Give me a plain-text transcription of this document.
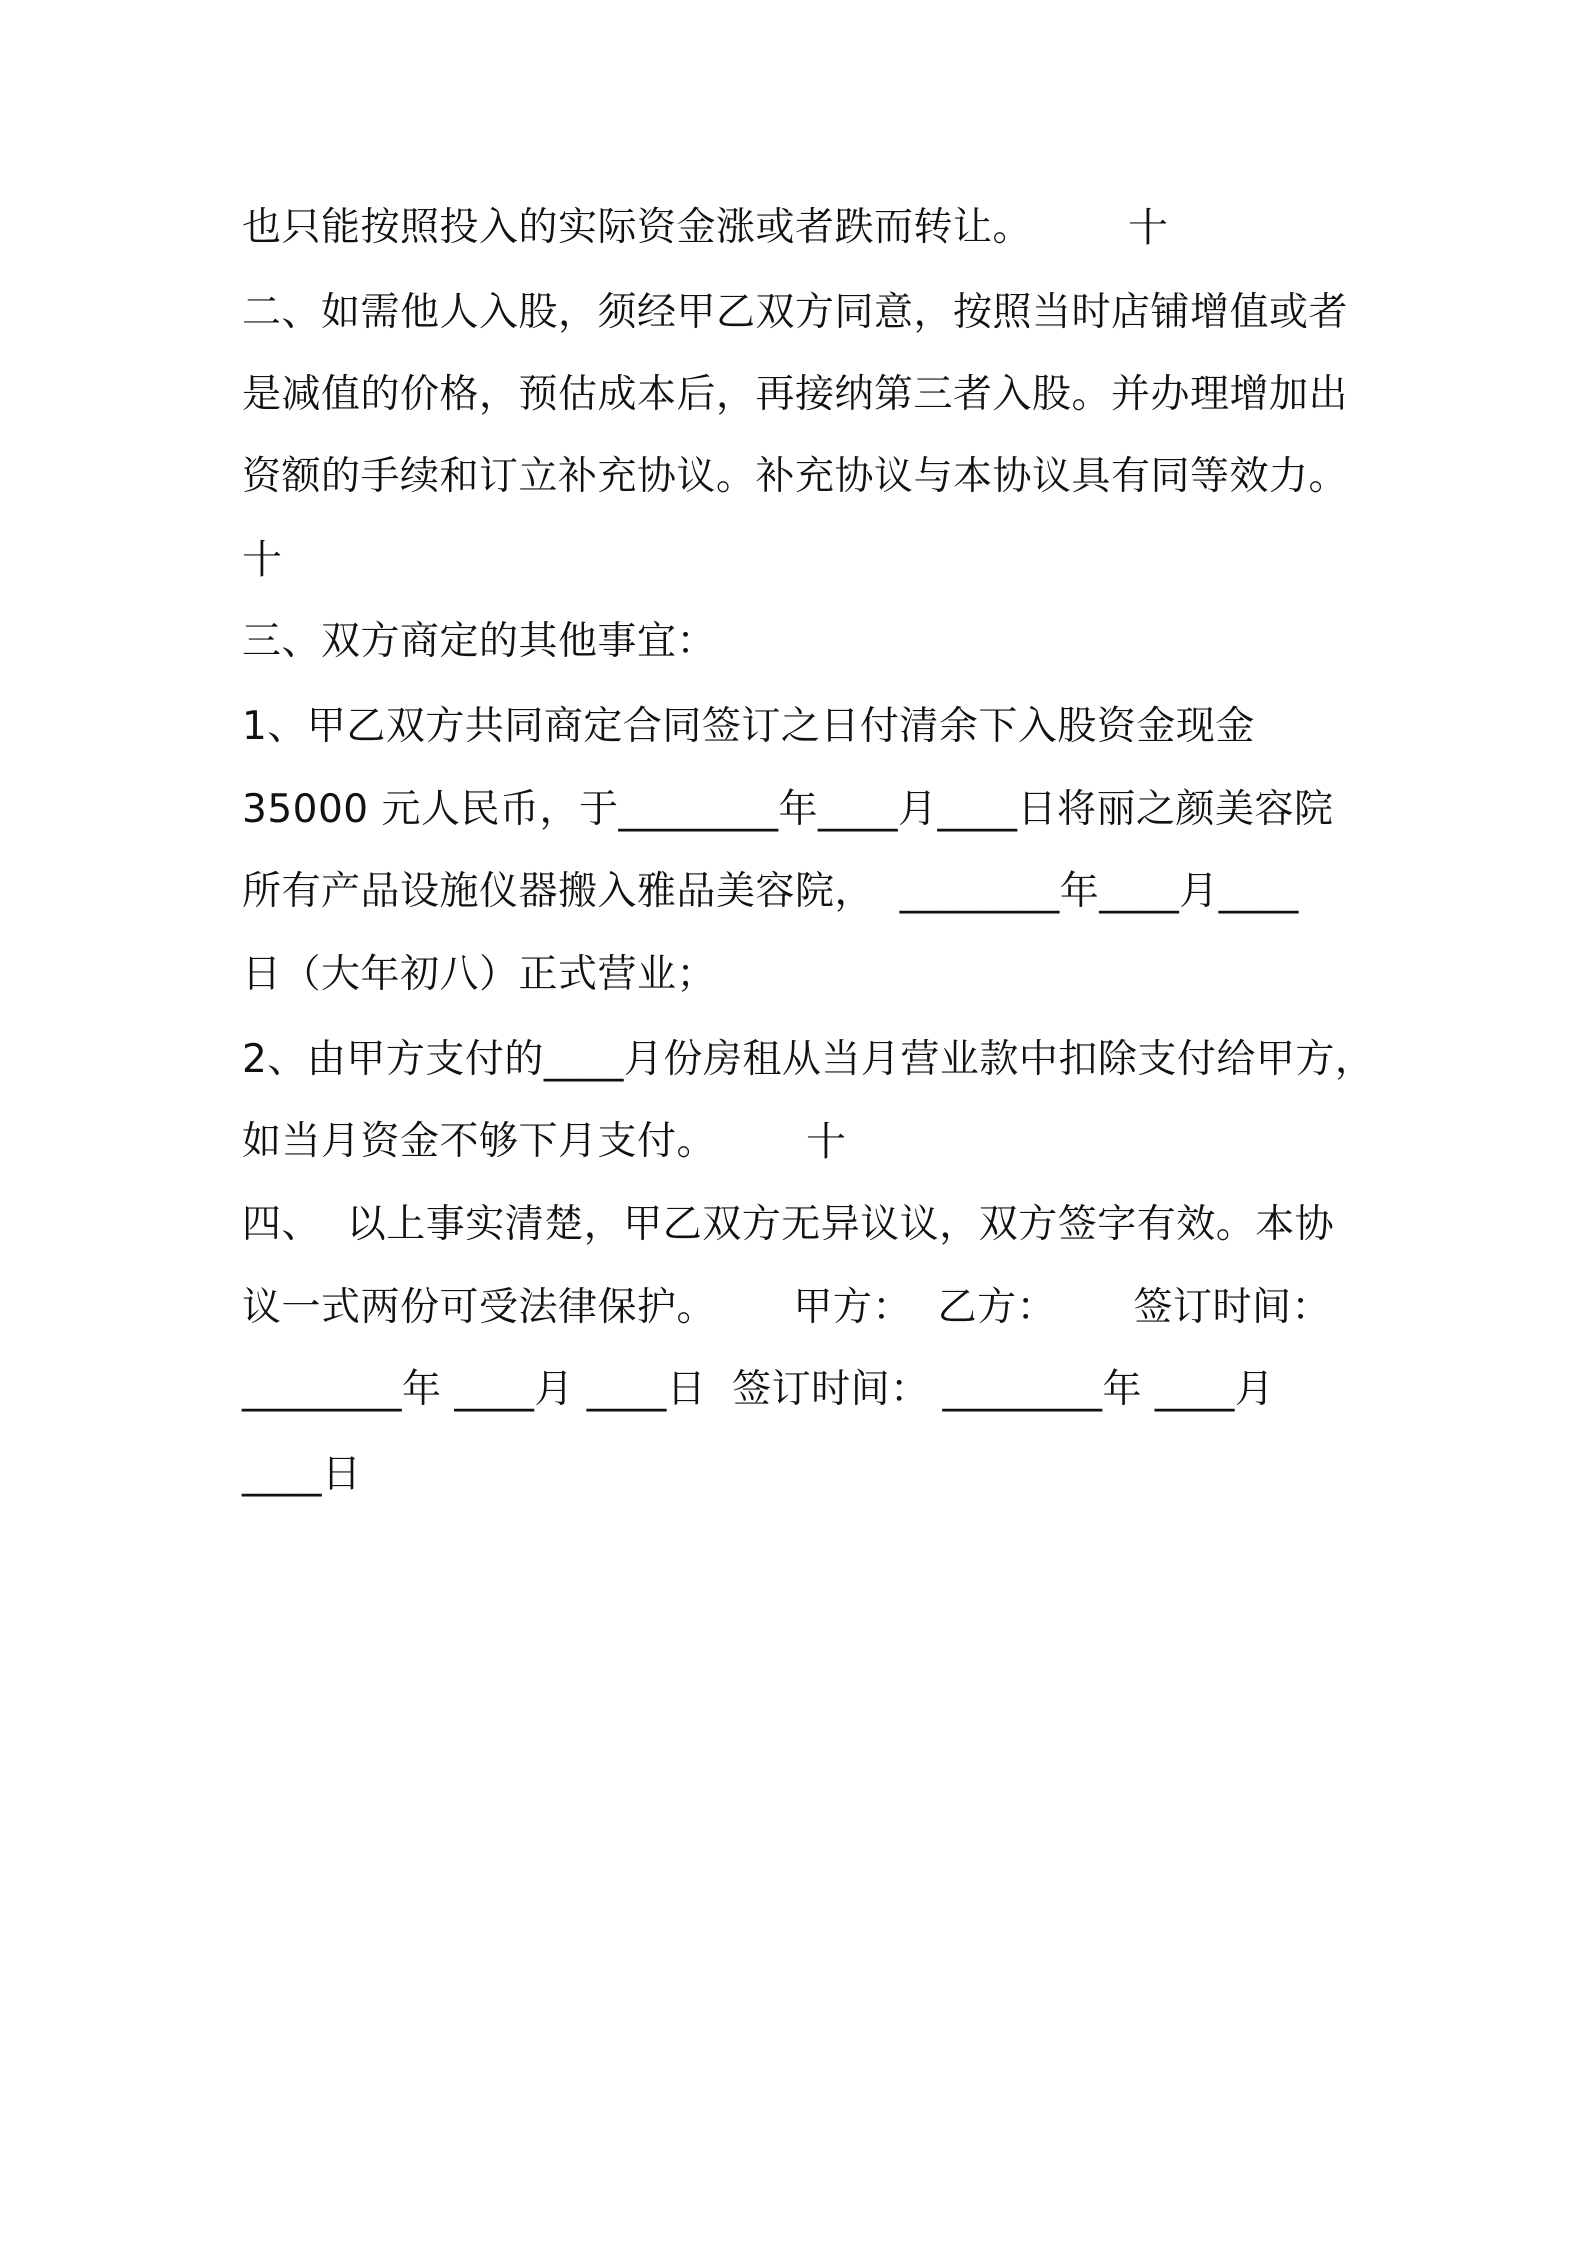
也只能按照投入的实际资金涨或者跌而转让。
二、如需他人入股，须经甲乙双方同意，按照当时店铺增值或者
是减值的价格，预估成本后，再接纳第三者入股。并办理增加出
资额的手续和订立补充协议。补充协议与本协议具有同等效力。
三、双方商定的其他事宜：
1、甲乙双方共同商定合同签订之日付清余下入股资金现金
35000 元人民币，于________年____月____日将丽之颜美容院
所有产品设施仪器搬入雅品美容院，  ________年____月____
日（大年初八）正式营业；
2、由甲方支付的____月份房租从当月营业款中扣除支付给甲方，
如当月资金不够下月支付。
四、  以上事实清楚，甲乙双方无异议议，双方签字有效。本协
议一式两份可受法律保护。      甲方：  乙方：      签订时间：
________年 ____月 ____日  签订时间： ________年 ____月
____日
十
十
十
